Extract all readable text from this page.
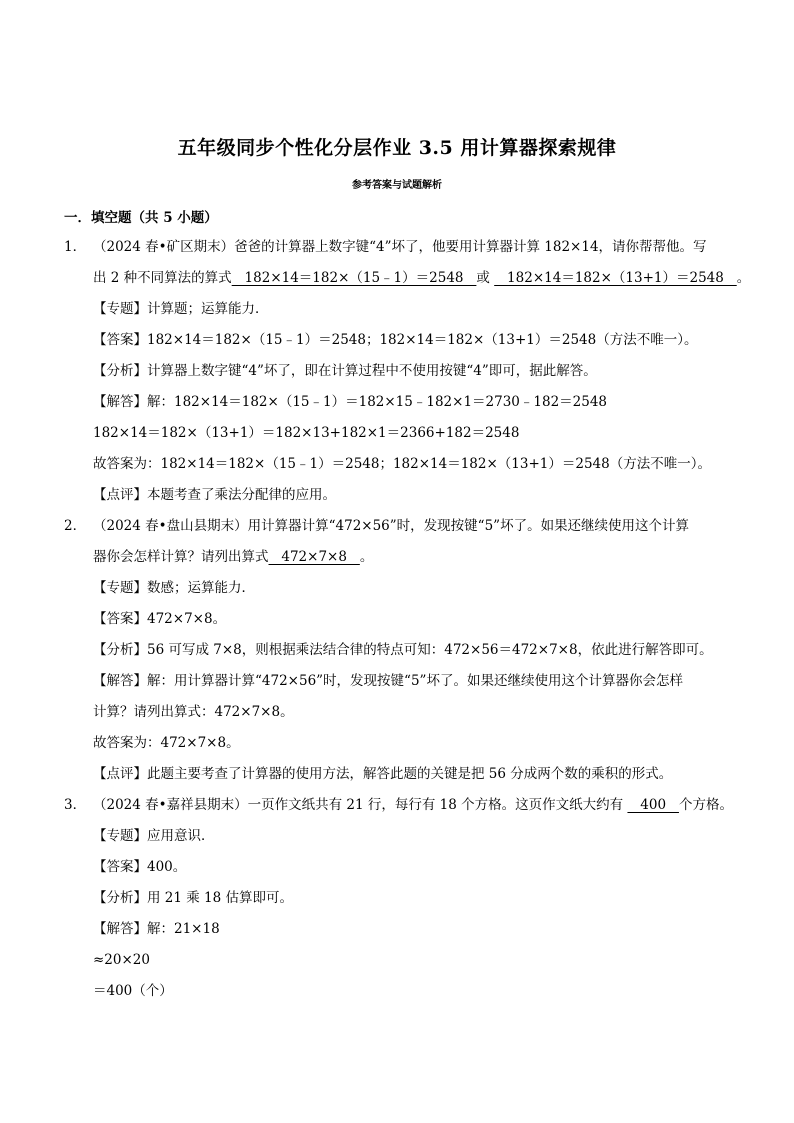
五年级同步个性化分层作业 3.5 用计算器探索规律
参考答案与试题解析
一．填空题（共 5 小题）
1． （2024 春•矿区期末）爸爸的计算器上数字键“4”坏了，他要用计算器计算 182×14，请你帮帮他。写
出 2 种不同算法的算式   182×14＝182×（15﹣1）＝2548   或    182×14＝182×（13+1）＝2548   。
【专题】计算题；运算能力．
【答案】182×14＝182×（15﹣1）＝2548；182×14＝182×（13+1）＝2548（方法不唯一）。
【分析】计算器上数字键“4”坏了，即在计算过程中不使用按键“4”即可，据此解答。
【解答】解：182×14＝182×（15﹣1）＝182×15﹣182×1＝2730﹣182＝2548
182×14＝182×（13+1）＝182×13+182×1＝2366+182＝2548
故答案为：182×14＝182×（15﹣1）＝2548；182×14＝182×（13+1）＝2548（方法不唯一）。
【点评】本题考查了乘法分配律的应用。
2． （2024 春•盘山县期末）用计算器计算“472×56”时，发现按键“5”坏了。如果还继续使用这个计算
器你会怎样计算？请列出算式   472×7×8   。
【专题】数感；运算能力．
【答案】472×7×8。
【分析】56 可写成 7×8，则根据乘法结合律的特点可知：472×56＝472×7×8，依此进行解答即可。
【解答】解：用计算器计算“472×56”时，发现按键“5”坏了。如果还继续使用这个计算器你会怎样
计算？请列出算式：472×7×8。
故答案为：472×7×8。
【点评】此题主要考查了计算器的使用方法，解答此题的关键是把 56 分成两个数的乘积的形式。
3． （2024 春•嘉祥县期末）一页作文纸共有 21 行，每行有 18 个方格。这页作文纸大约有    400   个方格。
【专题】应用意识．
【答案】400。
【分析】用 21 乘 18 估算即可。
【解答】解：21×18
≈20×20
＝400（个）
